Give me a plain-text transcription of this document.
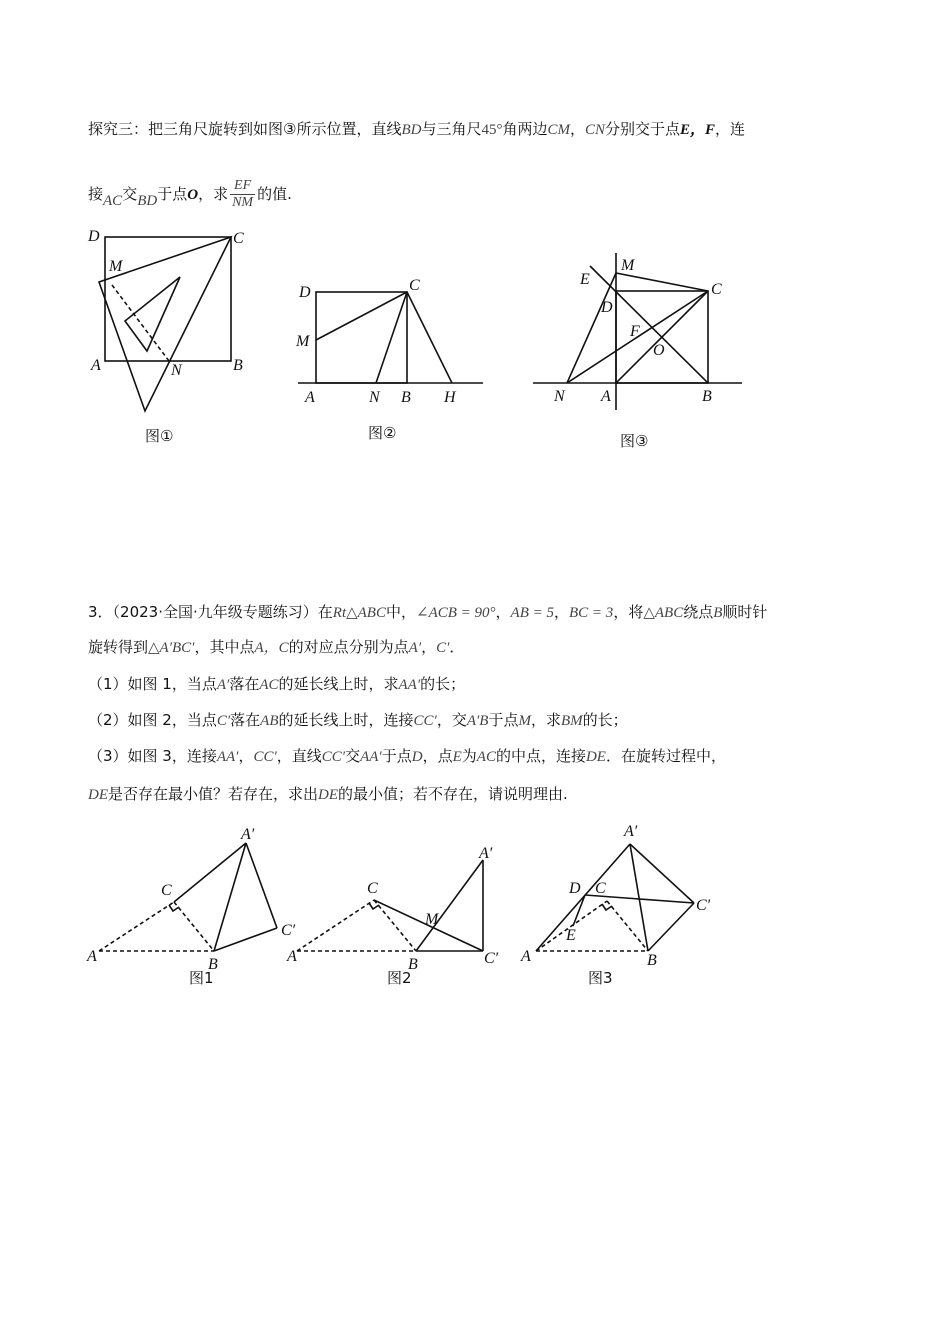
探究三：把三角尺旋转到如图③所示位置，直线BD与三角尺45°角两边CM，CN分别交于点E，F，连
接AC交BD于点O，求 $\frac{EF}{NM}$ 的值.
D	C
M
A	N	B
图①
D	C
M
A	N B H
图②
E
M
C
D
F
O
N A	B
图③
3．（2023·全国·九年级专题练习）在Rt△ABC中，∠ACB = 90°，AB = 5，BC = 3，将△ABC绕点B顺时针
旋转得到△A′BC′，其中点A，C的对应点分别为点A′，C′．
（1）如图 1，当点A′落在AC的延长线上时，求AA′的长；
（2）如图 2，当点C′落在AB的延长线上时，连接CC′，交A′B于点M，求BM的长；
（3）如图 3，连接AA′，CC′，直线CC′交AA′于点D，点E为AC的中点，连接DE．在旋转过程中，
DE是否存在最小值？若存在，求出DE的最小值；若不存在，请说明理由.
A′
C
C′
A	B
图1
A′
C
M
A	B	C′
图2
A′
D C
C′
E
A	B
图3
